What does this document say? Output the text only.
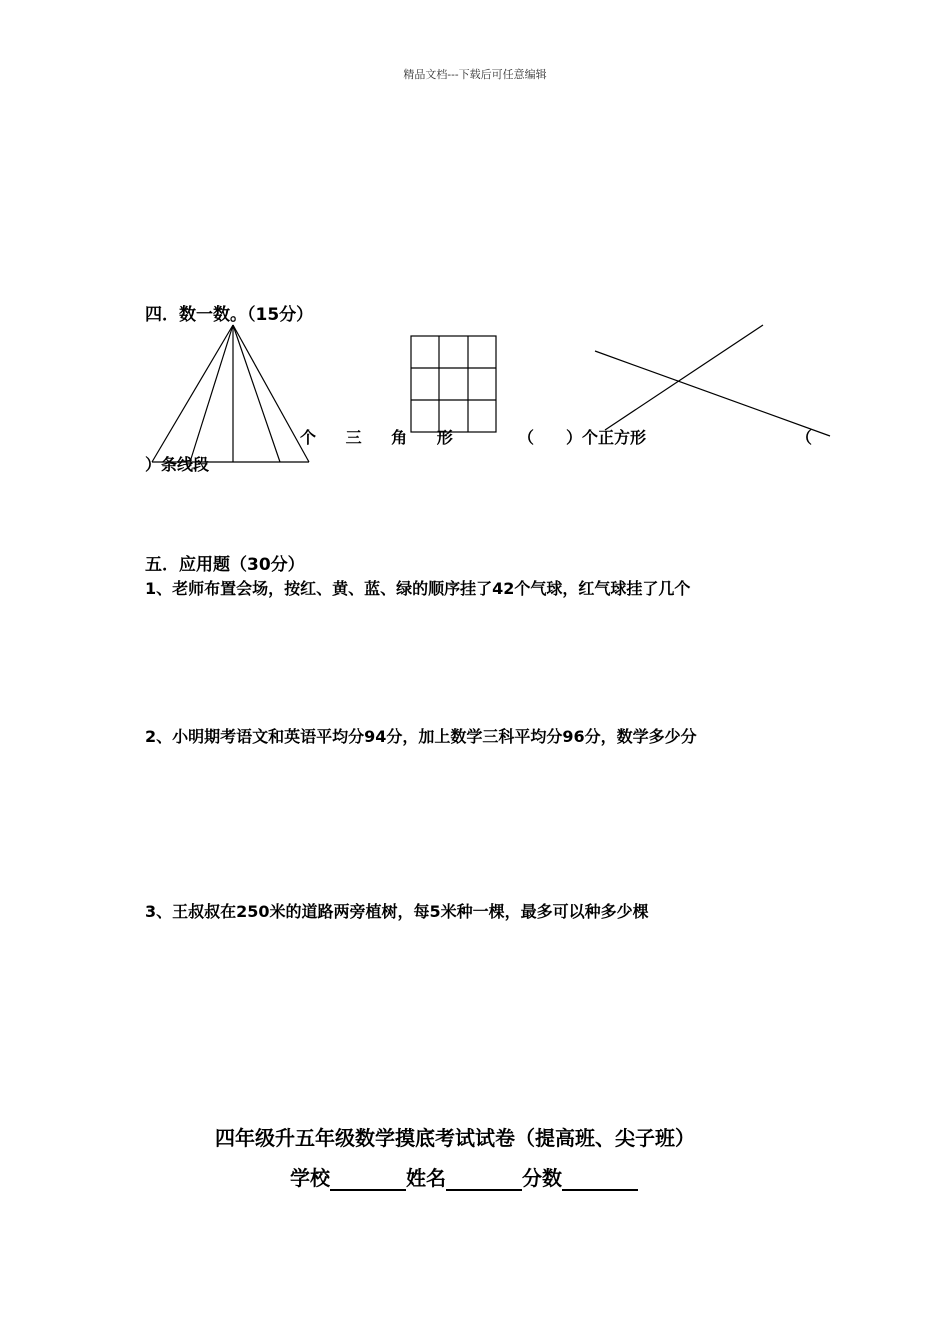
精品文档---下载后可任意编辑
四．数一数。（15分）
个 三 角 形	（　　）个正方形	（
）条线段
五．应用题（30分）
1、老师布置会场，按红、黄、蓝、绿的顺序挂了42个气球，红气球挂了几个
2、小明期考语文和英语平均分94分，加上数学三科平均分96分，数学多少分
3、王叔叔在250米的道路两旁植树，每5米种一棵，最多可以种多少棵
四年级升五年级数学摸底考试试卷（提高班、尖子班）
学校	姓名	分数
